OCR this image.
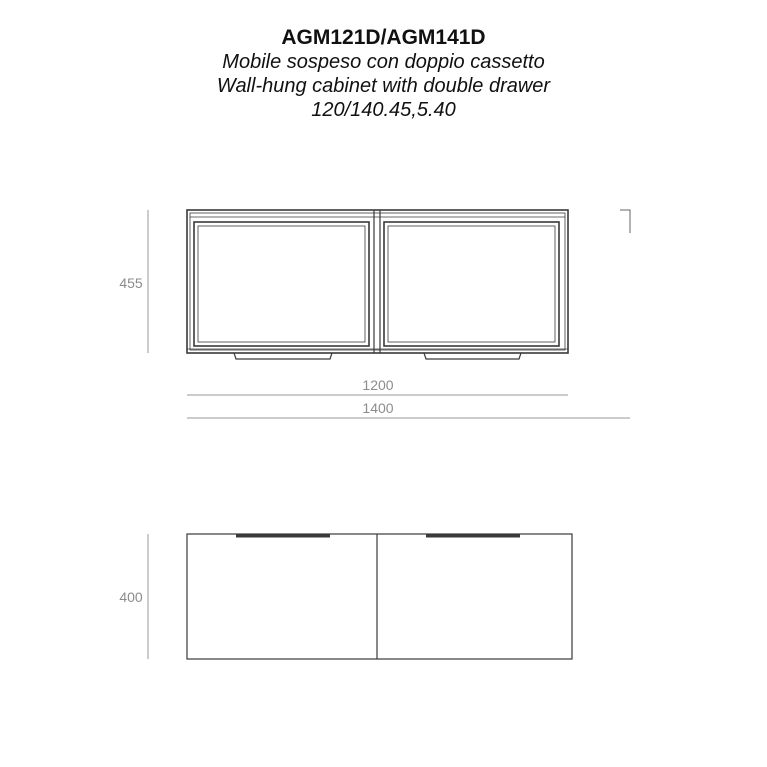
AGM121D/AGM141D
Mobile sospeso con doppio cassetto
Wall-hung cabinet with double drawer
120/140.45,5.40
455
1200
1400
400
